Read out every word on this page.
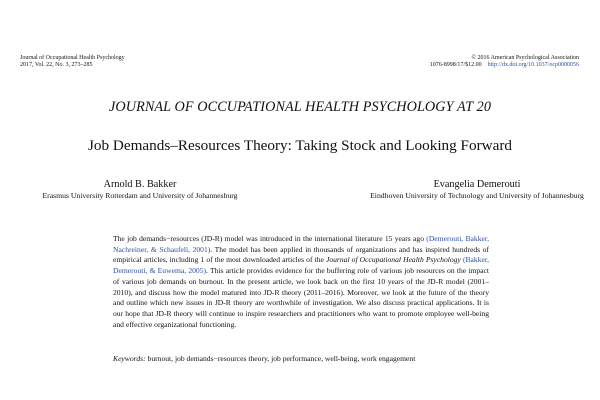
Journal of Occupational Health Psychology
2017, Vol. 22, No. 3, 273–285
© 2016 American Psychological Association
1076-8998/17/$12.00 http://dx.doi.org/10.1037/ocp0000056
JOURNAL OF OCCUPATIONAL HEALTH PSYCHOLOGY AT 20
Job Demands–Resources Theory: Taking Stock and Looking Forward
Arnold B. Bakker
Erasmus University Rotterdam and University of Johannesburg
Evangelia Demerouti
Eindhoven University of Technology and University of Johannesburg

The job demands−resources (JD-R) model was introduced in the international literature 15 years ago (Demerouti, Bakker, Nachreiner, & Schaufeli, 2001). The model has been applied in thousands of organizations and has inspired hundreds of empirical articles, including 1 of the most downloaded articles of the Journal of Occupational Health Psychology (Bakker, Demerouti, & Euwema, 2005). This article provides evidence for the buffering role of various job resources on the impact of various job demands on burnout. In the present article, we look back on the first 10 years of the JD-R model (2001–2010), and discuss how the model matured into JD-R theory (2011–2016). Moreover, we look at the future of the theory and outline which new issues in JD-R theory are worthwhile of investigation. We also discuss practical applications. It is our hope that JD-R theory will continue to inspire researchers and practitioners who want to promote employee well-being and effective organizational functioning.

Keywords: burnout, job demands−resources theory, job performance, well-being, work engagement
